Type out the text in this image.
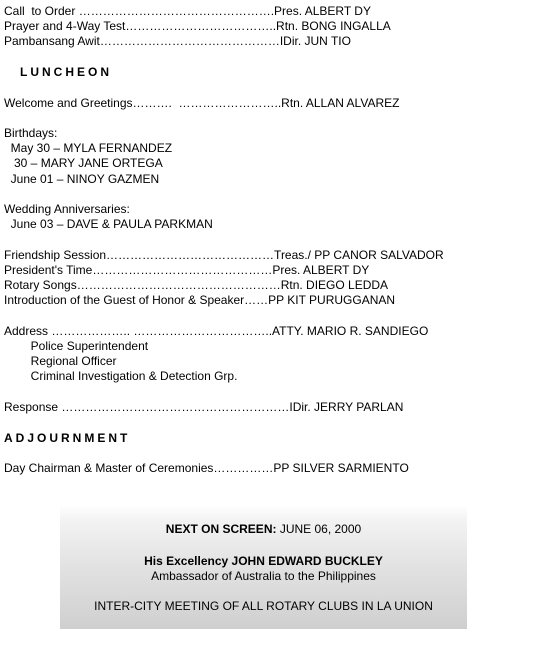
Call  to Order ………………………………………….Pres. ALBERT DY
Prayer and 4-Way Test………………………………..Rtn. BONG INGALLA
Pambansang Awit………………………………………IDir. JUN TIO
LUNCHEON
Welcome and Greetings……….  ……………………..Rtn. ALLAN ALVAREZ
Birthdays:
May 30 – MYLA FERNANDEZ
30 – MARY JANE ORTEGA
June 01 – NINOY GAZMEN
Wedding Anniversaries:
June 03 – DAVE & PAULA PARKMAN
Friendship Session……………………………………Treas./ PP CANOR SALVADOR
President's Time………………………………………Pres. ALBERT DY
Rotary Songs……………………………………………Rtn. DIEGO LEDDA
Introduction of the Guest of Honor & Speaker……PP KIT PURUGGANAN
Address ……………….. ……………………………..ATTY. MARIO R. SANDIEGO
Police Superintendent
Regional Officer
Criminal Investigation & Detection Grp.
Response …………………………………………………IDir. JERRY PARLAN
ADJOURNMENT
Day Chairman & Master of Ceremonies……………PP SILVER SARMIENTO
NEXT ON SCREEN: JUNE 06, 2000
His Excellency JOHN EDWARD BUCKLEY
Ambassador of Australia to the Philippines
INTER-CITY MEETING OF ALL ROTARY CLUBS IN LA UNION
